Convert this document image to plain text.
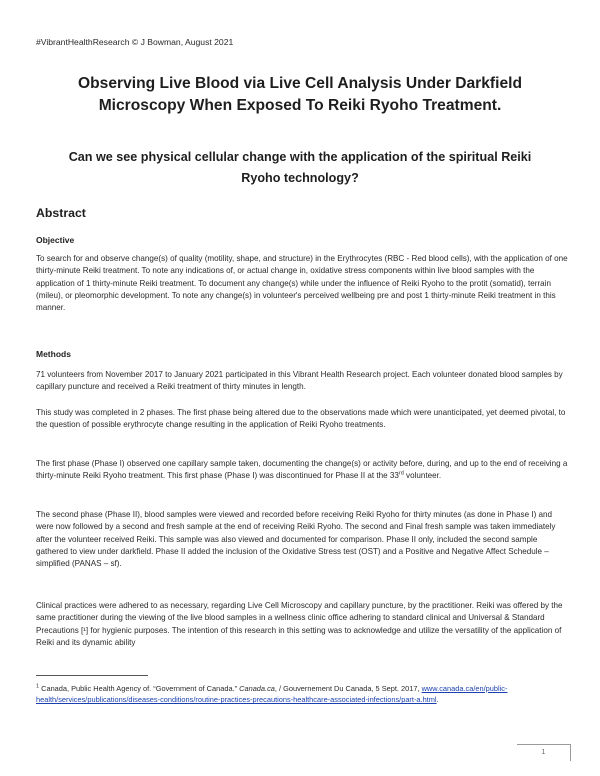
#VibrantHealthResearch © J Bowman, August 2021
Observing Live Blood via Live Cell Analysis Under Darkfield
Microscopy When Exposed To Reiki Ryoho Treatment.
Can we see physical cellular change with the application of the spiritual Reiki
Ryoho technology?
Abstract
Objective

To search for and observe change(s) of quality (motility, shape, and structure) in the Erythrocytes (RBC - Red blood cells), with the application of one thirty-minute Reiki treatment. To note any indications of, or actual change in, oxidative stress components within live blood samples with the application of 1 thirty-minute Reiki treatment. To document any change(s) while under the influence of Reiki Ryoho to the protit (somatid), terrain (mileu), or pleomorphic development. To note any change(s) in volunteer's perceived wellbeing pre and post 1 thirty-minute Reiki treatment in this manner.

Methods

71 volunteers from November 2017 to January 2021 participated in this Vibrant Health Research project. Each volunteer donated blood samples by capillary puncture and received a Reiki treatment of thirty minutes in length.

This study was completed in 2 phases. The first phase being altered due to the observations made which were unanticipated, yet deemed pivotal, to the question of possible erythrocyte change resulting in the application of Reiki Ryoho treatments.

The first phase (Phase I) observed one capillary sample taken, documenting the change(s) or activity before, during, and up to the end of receiving a thirty-minute Reiki Ryoho treatment. This first phase (Phase I) was discontinued for Phase II at the 33rd volunteer.

The second phase (Phase II), blood samples were viewed and recorded before receiving Reiki Ryoho for thirty minutes (as done in Phase I) and were now followed by a second and fresh sample at the end of receiving Reiki Ryoho. The second and Final fresh sample was taken immediately after the volunteer received Reiki. This sample was also viewed and documented for comparison. Phase II only, included the second sample gathered to view under darkfield. Phase II added the inclusion of the Oxidative Stress test (OST) and a Positive and Negative Affect Schedule – simplified (PANAS – sf).

Clinical practices were adhered to as necessary, regarding Live Cell Microscopy and capillary puncture, by the practitioner. Reiki was offered by the same practitioner during the viewing of the live blood samples in a wellness clinic office adhering to standard clinical and Universal & Standard Precautions [¹] for hygienic purposes. The intention of this research in this setting was to acknowledge and utilize the versatility of the application of Reiki and its dynamic ability

$^1$ Canada, Public Health Agency of. “Government of Canada.” Canada.ca, / Gouvernement Du Canada, 5 Sept. 2017, www.canada.ca/en/public-health/services/publications/diseases-conditions/routine-practices-precautions-healthcare-associated-infections/part-a.html.
1
